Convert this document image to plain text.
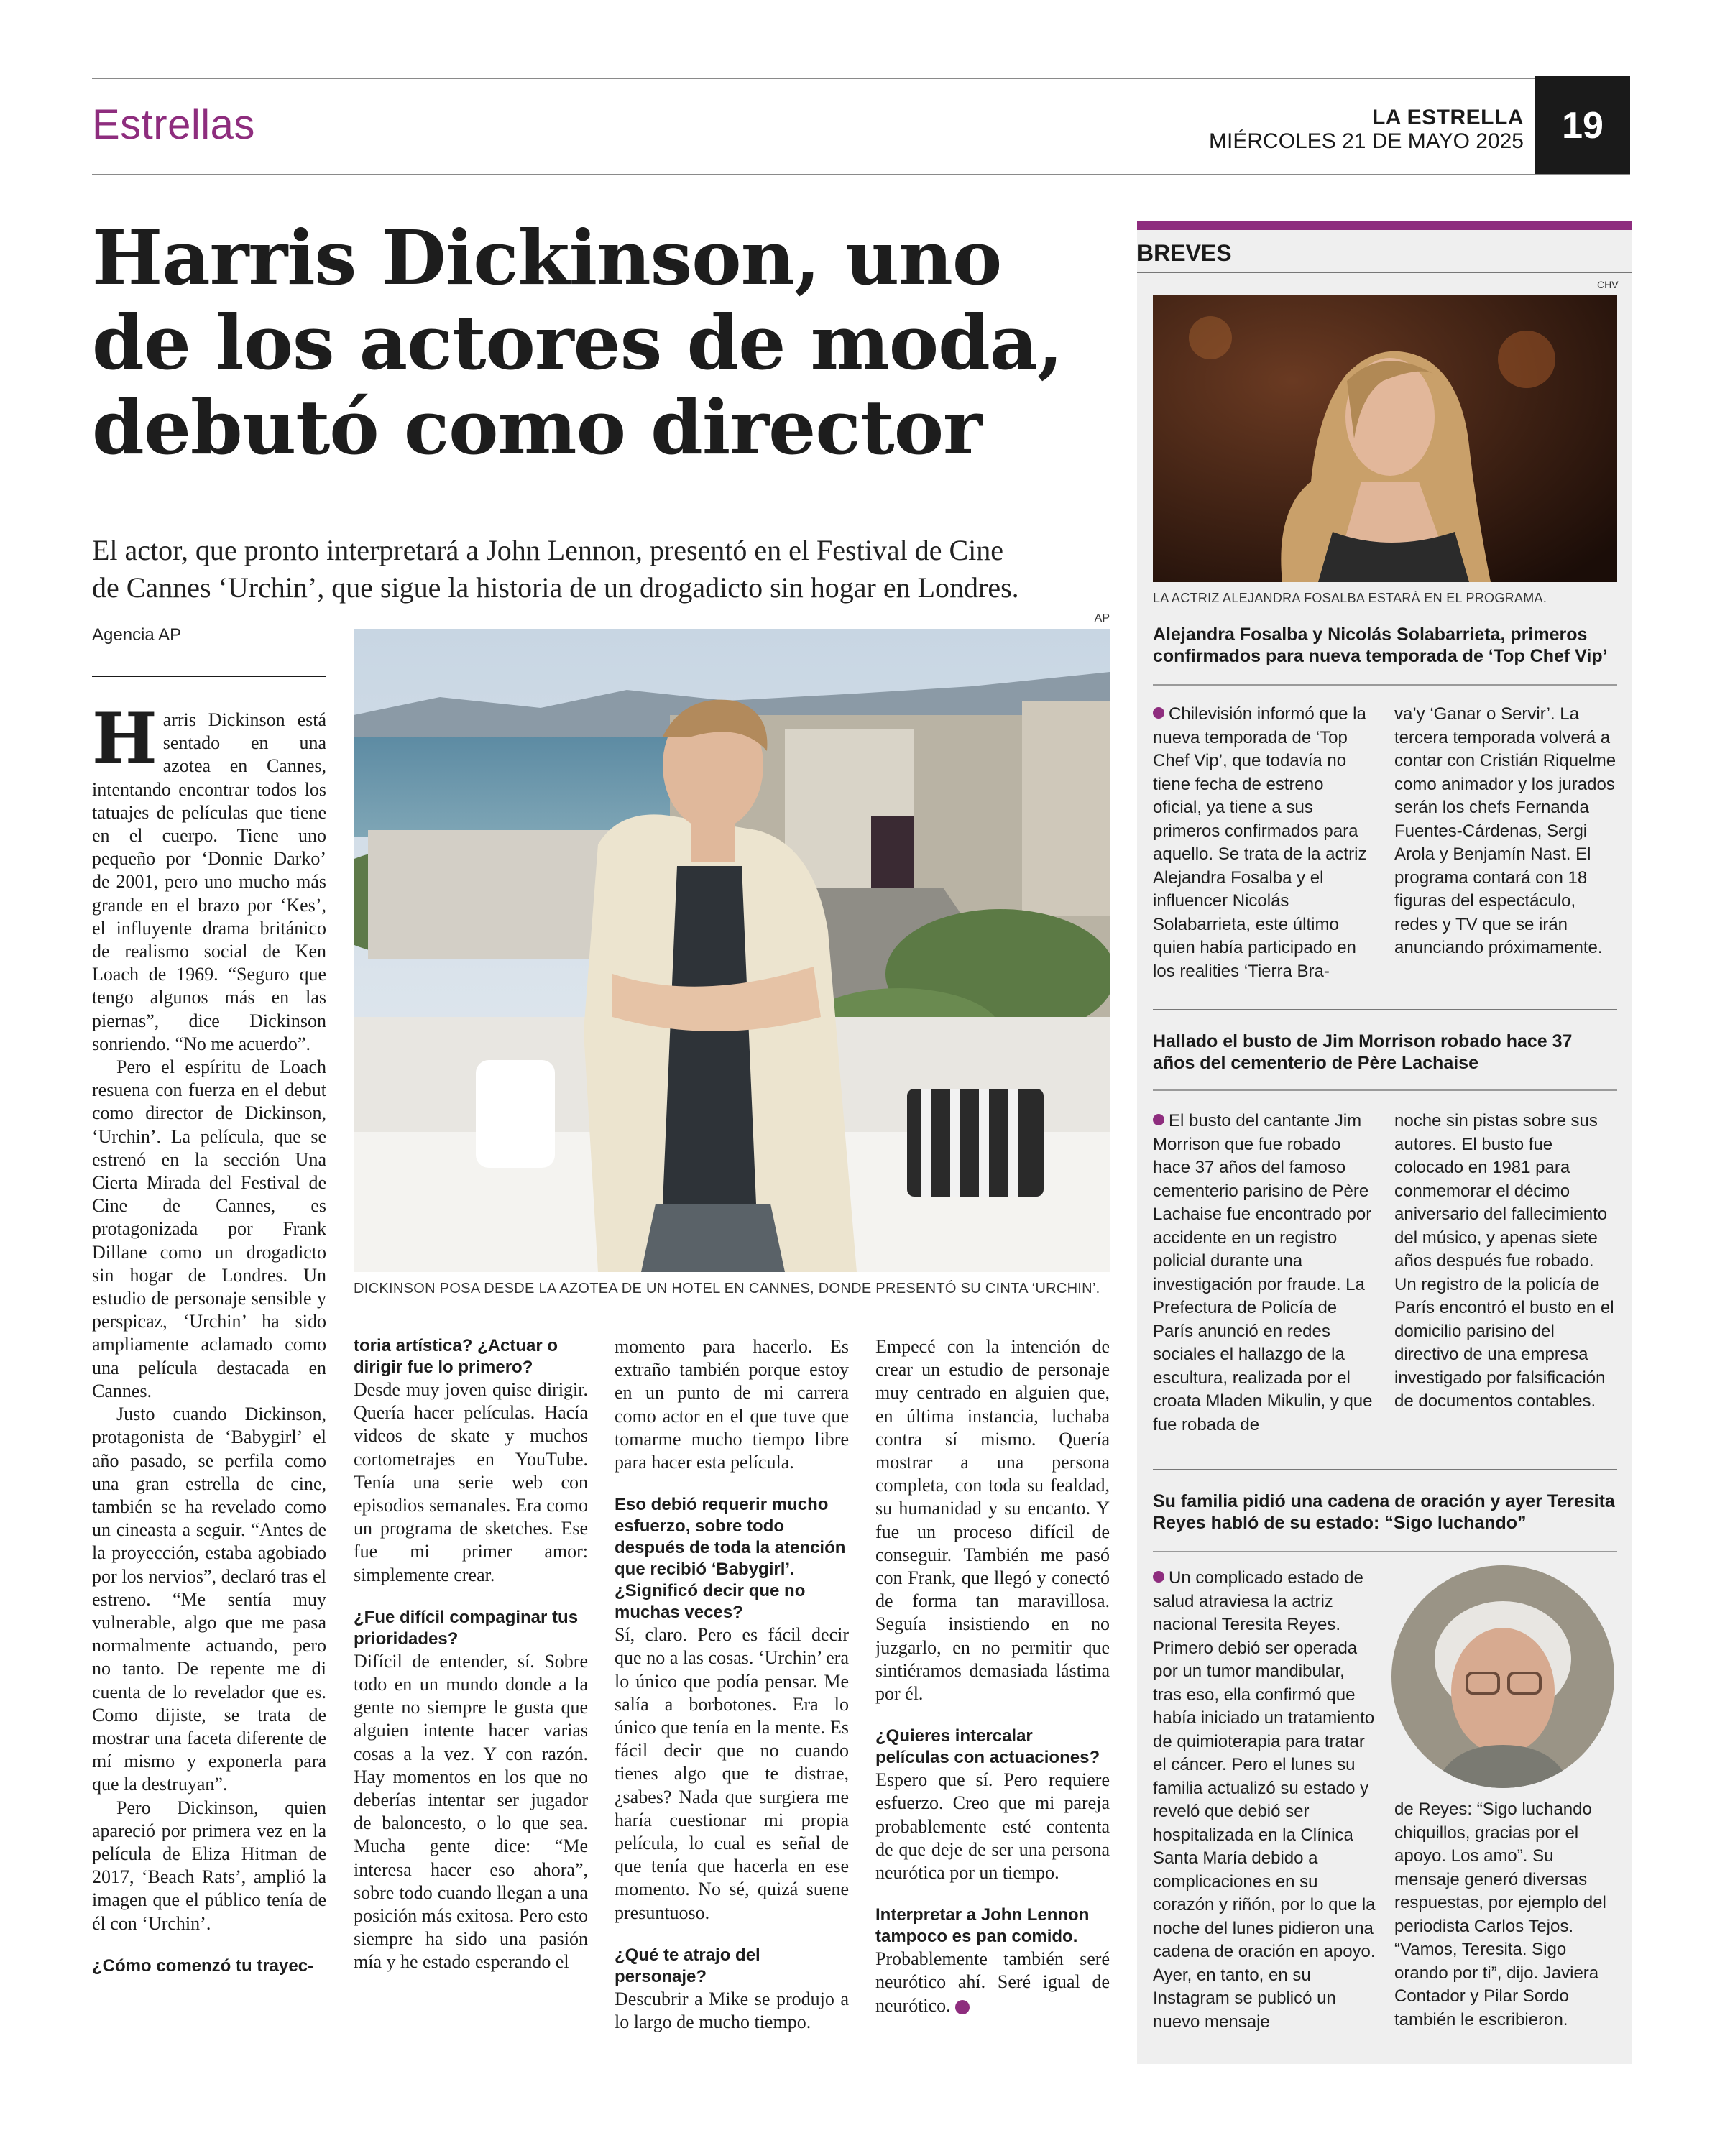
Estrellas	LA ESTRELLA
MIÉRCOLES 21 DE MAYO 2025	19
Harris Dickinson, uno
de los actores de moda,
debutó como director
El actor, que pronto interpretará a John Lennon, presentó en el Festival de Cine
de Cannes ‘Urchin’, que sigue la historia de un drogadicto sin hogar en Londres.
Agencia AP
AP
DICKINSON POSA DESDE LA AZOTEA DE UN HOTEL EN CANNES, DONDE PRESENTÓ SU CINTA ‘URCHIN’.

Harris Dickinson está sentado en una azotea en Cannes, intentando encontrar todos los tatuajes de películas que tiene en el cuerpo. Tiene uno pequeño por ‘Donnie Darko’ de 2001, pero uno mucho más grande en el brazo por ‘Kes’, el influyente drama británico de realismo social de Ken Loach de 1969. “Seguro que tengo algunos más en las piernas”, dice Dickinson sonriendo. “No me acuerdo”.

Pero el espíritu de Loach resuena con fuerza en el debut como director de Dickinson, ‘Urchin’. La película, que se estrenó en la sección Una Cierta Mirada del Festival de Cine de Cannes, es protagonizada por Frank Dillane como un drogadicto sin hogar de Londres. Un estudio de personaje sensible y perspicaz, ‘Urchin’ ha sido ampliamente aclamado como una película destacada en Cannes.

Justo cuando Dickinson, protagonista de ‘Babygirl’ el año pasado, se perfila como una gran estrella de cine, también se ha revelado como un cineasta a seguir. “Antes de la proyección, estaba agobiado por los nervios”, declaró tras el estreno. “Me sentía muy vulnerable, algo que me pasa normalmente actuando, pero no tanto. De repente me di cuenta de lo revelador que es. Como dijiste, se trata de mostrar una faceta diferente de mí mismo y exponerla para que la destruyan”.

Pero Dickinson, quien apareció por primera vez en la película de Eliza Hitman de 2017, ‘Beach Rats’, amplió la imagen que el público tenía de él con ‘Urchin’.

¿Cómo comenzó tu trayec-

toria artística? ¿Actuar o dirigir fue lo primero?

Desde muy joven quise dirigir. Quería hacer películas. Hacía videos de skate y muchos cortometrajes en YouTube. Tenía una serie web con episodios semanales. Era como un programa de sketches. Ese fue mi primer amor: simplemente crear.

¿Fue difícil compaginar tus prioridades?

Difícil de entender, sí. Sobre todo en un mundo donde a la gente no siempre le gusta que alguien intente hacer varias cosas a la vez. Y con razón. Hay momentos en los que no deberías intentar ser jugador de baloncesto, o lo que sea. Mucha gente dice: “Me interesa hacer eso ahora”, sobre todo cuando llegan a una posición más exitosa. Pero esto siempre ha sido una pasión mía y he estado esperando el

momento para hacerlo. Es extraño también porque estoy en un punto de mi carrera como actor en el que tuve que tomarme mucho tiempo libre para hacer esta película.

Eso debió requerir mucho esfuerzo, sobre todo después de toda la atención que recibió ‘Babygirl’. ¿Significó decir que no muchas veces?

Sí, claro. Pero es fácil decir que no a las cosas. ‘Urchin’ era lo único que podía pensar. Me salía a borbotones. Era lo único que tenía en la mente. Es fácil decir que no cuando tienes algo que te distrae, ¿sabes? Nada que surgiera me haría cuestionar mi propia película, lo cual es señal de que tenía que hacerla en ese momento. No sé, quizá suene presuntuoso.

¿Qué te atrajo del personaje?

Descubrir a Mike se produjo a lo largo de mucho tiempo.

Empecé con la intención de crear un estudio de personaje muy centrado en alguien que, en última instancia, luchaba contra sí mismo. Quería mostrar a una persona completa, con toda su fealdad, su humanidad y su encanto. Y fue un proceso difícil de conseguir. También me pasó con Frank, que llegó y conectó de forma tan maravillosa. Seguía insistiendo en no juzgarlo, en no permitir que sintiéramos demasiada lástima por él.

¿Quieres intercalar películas con actuaciones?

Espero que sí. Pero requiere esfuerzo. Creo que mi pareja probablemente esté contenta de que deje de ser una persona neurótica por un tiempo.

Interpretar a John Lennon tampoco es pan comido.

Probablemente también seré neurótico ahí. Seré igual de neurótico.

BREVES
CHV
LA ACTRIZ ALEJANDRA FOSALBA ESTARÁ EN EL PROGRAMA.
Alejandra Fosalba y Nicolás Solabarrieta, primeros confirmados para nueva temporada de ‘Top Chef Vip’
Chilevisión informó que la nueva temporada de ‘Top Chef Vip’, que todavía no tiene fecha de estreno oficial, ya tiene a sus primeros confirmados para aquello. Se trata de la actriz Alejandra Fosalba y el influencer Nicolás Solabarrieta, este último quien había participado en los realities ‘Tierra Bra-
va’y ‘Ganar o Servir’. La tercera temporada volverá a contar con Cristián Riquelme como animador y los jurados serán los chefs Fernanda Fuentes-Cárdenas, Sergi Arola y Benjamín Nast. El programa contará con 18 figuras del espectáculo, redes y TV que se irán anunciando próximamente.
Hallado el busto de Jim Morrison robado hace 37 años del cementerio de Père Lachaise
El busto del cantante Jim Morrison que fue robado hace 37 años del famoso cementerio parisino de Père Lachaise fue encontrado por accidente en un registro policial durante una investigación por fraude. La Prefectura de Policía de París anunció en redes sociales el hallazgo de la escultura, realizada por el croata Mladen Mikulin, y que fue robada de
noche sin pistas sobre sus autores. El busto fue colocado en 1981 para conmemorar el décimo aniversario del fallecimiento del músico, y apenas siete años después fue robado. Un registro de la policía de París encontró el busto en el domicilio parisino del directivo de una empresa investigado por falsificación de documentos contables.
Su familia pidió una cadena de oración y ayer Teresita Reyes habló de su estado: “Sigo luchando”
Un complicado estado de salud atraviesa la actriz nacional Teresita Reyes. Primero debió ser operada por un tumor mandibular, tras eso, ella confirmó que había iniciado un tratamiento de quimioterapia para tratar el cáncer. Pero el lunes su familia actualizó su estado y reveló que debió ser hospitalizada en la Clínica Santa María debido a complicaciones en su corazón y riñón, por lo que la noche del lunes pidieron una cadena de oración en apoyo. Ayer, en tanto, en su Instagram se publicó un nuevo mensaje
de Reyes: “Sigo luchando chiquillos, gracias por el apoyo. Los amo”. Su mensaje generó diversas respuestas, por ejemplo del periodista Carlos Tejos. “Vamos, Teresita. Sigo orando por ti”, dijo. Javiera Contador y Pilar Sordo también le escribieron.
